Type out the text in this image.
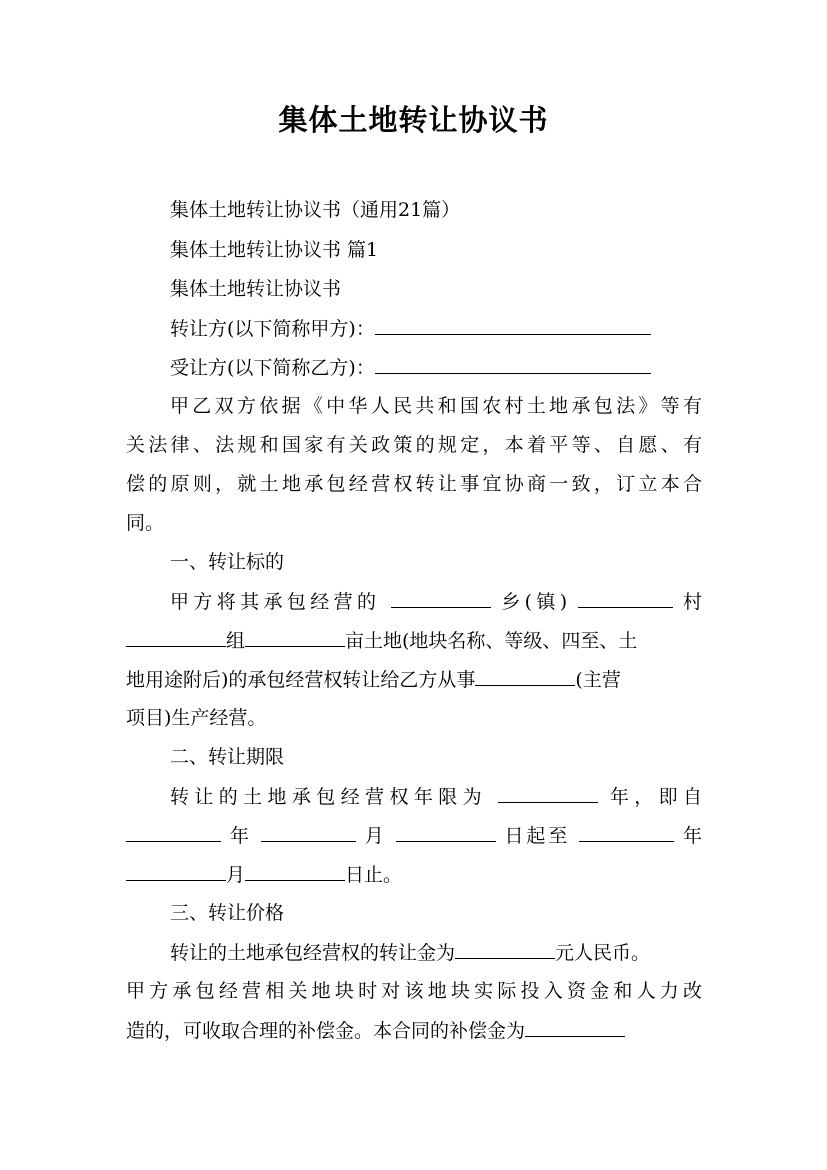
集体土地转让协议书
集体土地转让协议书（通用21篇）
集体土地转让协议书 篇1
集体土地转让协议书
转让方(以下简称甲方)：
受让方(以下简称乙方)：
甲乙双方依据《中华人民共和国农村土地承包法》等有
关法律、法规和国家有关政策的规定，本着平等、自愿、有
偿的原则，就土地承包经营权转让事宜协商一致，订立本合
同。
一、转让标的
甲方将其承包经营的	乡(镇)	村
组	亩土地(地块名称、等级、四至、土
地用途附后)的承包经营权转让给乙方从事	(主营
项目)生产经营。
二、转让期限
转让的土地承包经营权年限为	年，即自
年	月	日起至	年
月	日止。
三、转让价格
转让的土地承包经营权的转让金为	元人民币。
甲方承包经营相关地块时对该地块实际投入资金和人力改
造的，可收取合理的补偿金。本合同的补偿金为
